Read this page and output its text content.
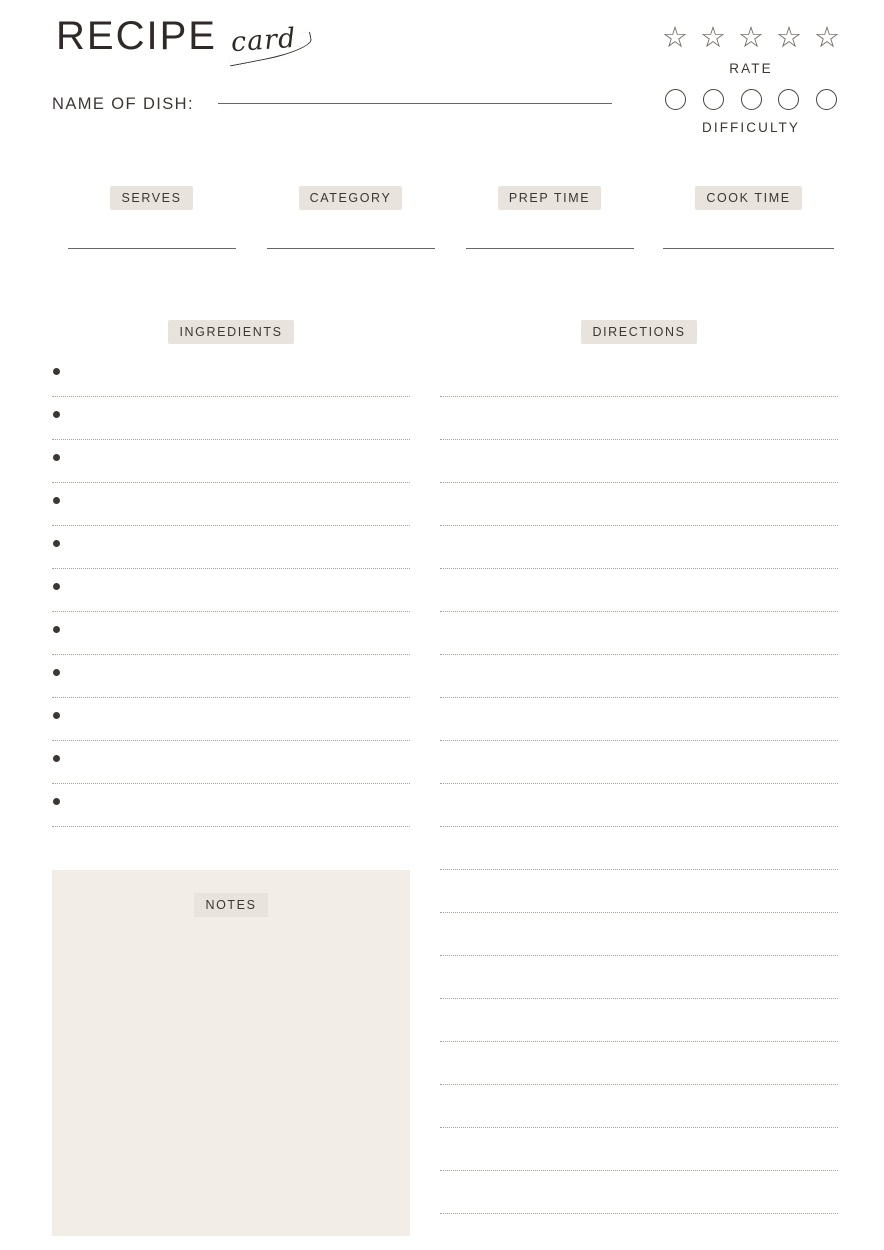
RECIPE card	☆ ☆ ☆ ☆ ☆
RATE
DIFFICULTY
NAME OF DISH:
SERVES	CATEGORY	PREP TIME	COOK TIME
INGREDIENTS	DIRECTIONS
NOTES
